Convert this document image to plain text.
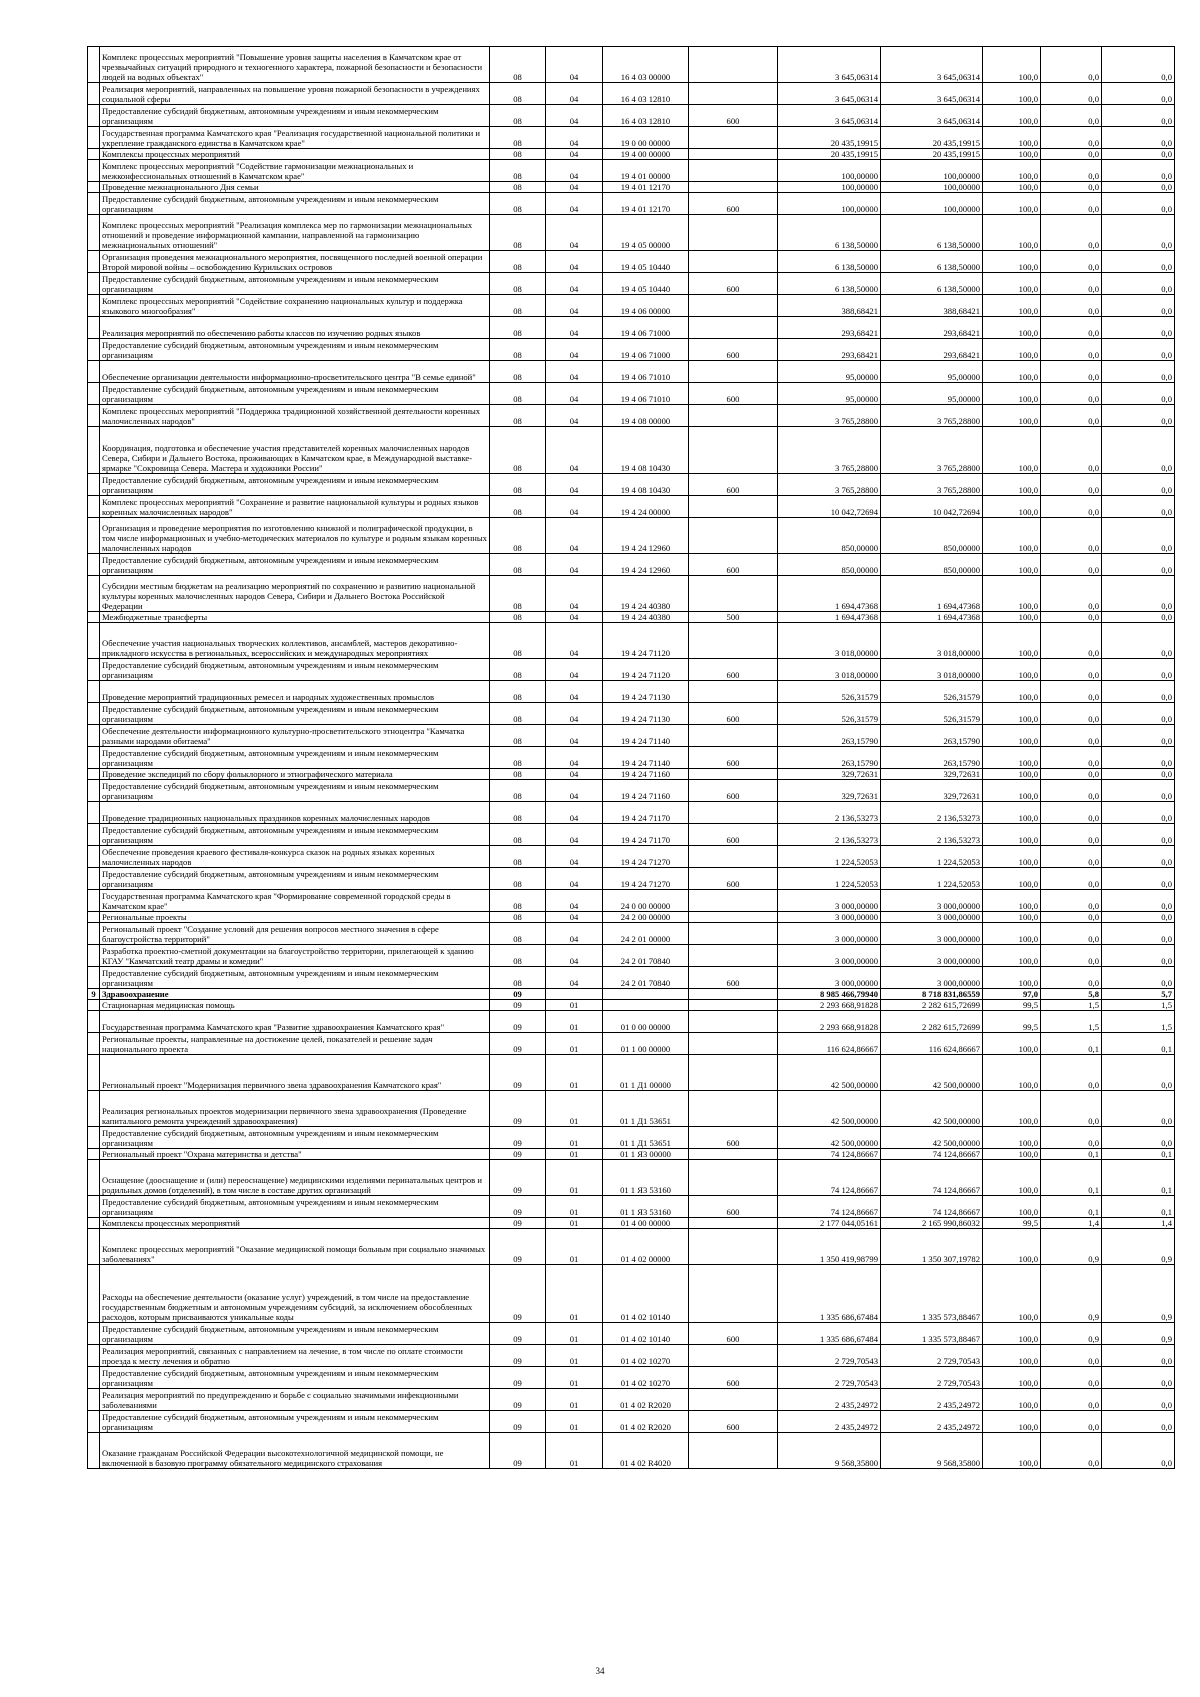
	Комплекс процессных мероприятий "Повышение уровня защиты населения в Камчатском крае от чрезвычайных ситуаций природного и техногенного характера, пожарной безопасности и безопасности людей на водных объектах"	08	04	16 4 03 00000		3 645,06314	3 645,06314	100,0	0,0	0,0
	Реализация мероприятий, направленных на повышение уровня пожарной безопасности в учреждениях социальной сферы	08	04	16 4 03 12810		3 645,06314	3 645,06314	100,0	0,0	0,0
	Предоставление субсидий бюджетным, автономным учреждениям и иным некоммерческим организациям	08	04	16 4 03 12810	600	3 645,06314	3 645,06314	100,0	0,0	0,0
	Государственная программа Камчатского края "Реализация государственной национальной политики и укрепление гражданского единства в Камчатском крае"	08	04	19 0 00 00000		20 435,19915	20 435,19915	100,0	0,0	0,0
	Комплексы процессных мероприятий	08	04	19 4 00 00000		20 435,19915	20 435,19915	100,0	0,0	0,0
	Комплекс процессных мероприятий "Содействие гармонизации межнациональных и межконфессиональных отношений в Камчатском крае"	08	04	19 4 01 00000		100,00000	100,00000	100,0	0,0	0,0
	Проведение межнационального Дня семьи	08	04	19 4 01 12170		100,00000	100,00000	100,0	0,0	0,0
	Предоставление субсидий бюджетным, автономным учреждениям и иным некоммерческим организациям	08	04	19 4 01 12170	600	100,00000	100,00000	100,0	0,0	0,0
	Комплекс процессных мероприятий "Реализация комплекса мер по гармонизации межнациональных отношений и проведение информационной кампании, направленной на гармонизацию межнациональных отношений"	08	04	19 4 05 00000		6 138,50000	6 138,50000	100,0	0,0	0,0
	Организация проведения межнационального мероприятия, посвященного последней военной операции Второй мировой войны – освобождению Курильских островов	08	04	19 4 05 10440		6 138,50000	6 138,50000	100,0	0,0	0,0
	Предоставление субсидий бюджетным, автономным учреждениям и иным некоммерческим организациям	08	04	19 4 05 10440	600	6 138,50000	6 138,50000	100,0	0,0	0,0
	Комплекс процессных мероприятий "Содействие сохранению национальных культур и поддержка языкового многообразия"	08	04	19 4 06 00000		388,68421	388,68421	100,0	0,0	0,0
	Реализация мероприятий по обеспечению работы классов по изучению родных языков	08	04	19 4 06 71000		293,68421	293,68421	100,0	0,0	0,0
	Предоставление субсидий бюджетным, автономным учреждениям и иным некоммерческим организациям	08	04	19 4 06 71000	600	293,68421	293,68421	100,0	0,0	0,0
	Обеспечение организации деятельности информационно-просветительского центра "В семье единой"	08	04	19 4 06 71010		95,00000	95,00000	100,0	0,0	0,0
	Предоставление субсидий бюджетным, автономным учреждениям и иным некоммерческим организациям	08	04	19 4 06 71010	600	95,00000	95,00000	100,0	0,0	0,0
	Комплекс процессных мероприятий "Поддержка традиционной хозяйственной деятельности коренных малочисленных народов"	08	04	19 4 08 00000		3 765,28800	3 765,28800	100,0	0,0	0,0
	Координация, подготовка и обеспечение участия представителей коренных малочисленных народов Севера, Сибири и Дальнего Востока, проживающих в Камчатском крае, в Международной выставке-ярмарке "Сокровища Севера. Мастера и художники России"	08	04	19 4 08 10430		3 765,28800	3 765,28800	100,0	0,0	0,0
	Предоставление субсидий бюджетным, автономным учреждениям и иным некоммерческим организациям	08	04	19 4 08 10430	600	3 765,28800	3 765,28800	100,0	0,0	0,0
	Комплекс процессных мероприятий "Сохранение и развитие национальной культуры и родных языков коренных малочисленных народов"	08	04	19 4 24 00000		10 042,72694	10 042,72694	100,0	0,0	0,0
	Организация и проведение мероприятия по изготовлению книжной и полиграфической продукции, в том числе информационных и учебно-методических материалов по культуре и родным языкам коренных малочисленных народов	08	04	19 4 24 12960		850,00000	850,00000	100,0	0,0	0,0
	Предоставление субсидий бюджетным, автономным учреждениям и иным некоммерческим организациям	08	04	19 4 24 12960	600	850,00000	850,00000	100,0	0,0	0,0
	Субсидии местным бюджетам на реализацию мероприятий по сохранению и развитию национальной культуры коренных малочисленных народов Севера, Сибири и Дальнего Востока Российской Федерации	08	04	19 4 24 40380		1 694,47368	1 694,47368	100,0	0,0	0,0
	Межбюджетные трансферты	08	04	19 4 24 40380	500	1 694,47368	1 694,47368	100,0	0,0	0,0
	Обеспечение участия национальных творческих коллективов, ансамблей, мастеров декоративно-прикладного искусства в региональных, всероссийских и международных мероприятиях	08	04	19 4 24 71120		3 018,00000	3 018,00000	100,0	0,0	0,0
	Предоставление субсидий бюджетным, автономным учреждениям и иным некоммерческим организациям	08	04	19 4 24 71120	600	3 018,00000	3 018,00000	100,0	0,0	0,0
	Проведение мероприятий традиционных ремесел и народных художественных промыслов	08	04	19 4 24 71130		526,31579	526,31579	100,0	0,0	0,0
	Предоставление субсидий бюджетным, автономным учреждениям и иным некоммерческим организациям	08	04	19 4 24 71130	600	526,31579	526,31579	100,0	0,0	0,0
	Обеспечение деятельности информационного культурно-просветительского этноцентра "Камчатка разными народами обитаема"	08	04	19 4 24 71140		263,15790	263,15790	100,0	0,0	0,0
	Предоставление субсидий бюджетным, автономным учреждениям и иным некоммерческим организациям	08	04	19 4 24 71140	600	263,15790	263,15790	100,0	0,0	0,0
	Проведение экспедиций по сбору фольклорного и этнографического материала	08	04	19 4 24 71160		329,72631	329,72631	100,0	0,0	0,0
	Предоставление субсидий бюджетным, автономным учреждениям и иным некоммерческим организациям	08	04	19 4 24 71160	600	329,72631	329,72631	100,0	0,0	0,0
	Проведение традиционных национальных праздников коренных малочисленных народов	08	04	19 4 24 71170		2 136,53273	2 136,53273	100,0	0,0	0,0
	Предоставление субсидий бюджетным, автономным учреждениям и иным некоммерческим организациям	08	04	19 4 24 71170	600	2 136,53273	2 136,53273	100,0	0,0	0,0
	Обеспечение проведения краевого фестиваля-конкурса сказок на родных языках коренных малочисленных народов	08	04	19 4 24 71270		1 224,52053	1 224,52053	100,0	0,0	0,0
	Предоставление субсидий бюджетным, автономным учреждениям и иным некоммерческим организациям	08	04	19 4 24 71270	600	1 224,52053	1 224,52053	100,0	0,0	0,0
	Государственная программа Камчатского края "Формирование современной городской среды в Камчатском крае"	08	04	24 0 00 00000		3 000,00000	3 000,00000	100,0	0,0	0,0
	Региональные проекты	08	04	24 2 00 00000		3 000,00000	3 000,00000	100,0	0,0	0,0
	Региональный проект "Создание условий для решения вопросов местного значения в сфере благоустройства территорий"	08	04	24 2 01 00000		3 000,00000	3 000,00000	100,0	0,0	0,0
	Разработка проектно-сметной документации на благоустройство территории, прилегающей к зданию КГАУ "Камчатский театр драмы и комедии"	08	04	24 2 01 70840		3 000,00000	3 000,00000	100,0	0,0	0,0
	Предоставление субсидий бюджетным, автономным учреждениям и иным некоммерческим организациям	08	04	24 2 01 70840	600	3 000,00000	3 000,00000	100,0	0,0	0,0
9	Здравоохранение	09				8 985 466,79940	8 718 831,86559	97,0	5,8	5,7
	Стационарная медицинская помощь	09	01			2 293 668,91828	2 282 615,72699	99,5	1,5	1,5
	Государственная программа Камчатского края "Развитие здравоохранения Камчатского края"	09	01	01 0 00 00000		2 293 668,91828	2 282 615,72699	99,5	1,5	1,5
	Региональные проекты, направленные на достижение целей, показателей и решение задач национального проекта	09	01	01 1 00 00000		116 624,86667	116 624,86667	100,0	0,1	0,1
	Региональный проект "Модернизация первичного звена здравоохранения Камчатского края"	09	01	01 1 Д1 00000		42 500,00000	42 500,00000	100,0	0,0	0,0
	Реализация региональных проектов модернизации первичного звена здравоохранения (Проведение капитального ремонта учреждений здравоохранения)	09	01	01 1 Д1 53651		42 500,00000	42 500,00000	100,0	0,0	0,0
	Предоставление субсидий бюджетным, автономным учреждениям и иным некоммерческим организациям	09	01	01 1 Д1 53651	600	42 500,00000	42 500,00000	100,0	0,0	0,0
	Региональный проект "Охрана материнства и детства"	09	01	01 1 Я3 00000		74 124,86667	74 124,86667	100,0	0,1	0,1
	Оснащение (дооснащение и (или) переоснащение) медицинскими изделиями перинатальных центров и родильных домов (отделений), в том числе в составе других организаций	09	01	01 1 Я3 53160		74 124,86667	74 124,86667	100,0	0,1	0,1
	Предоставление субсидий бюджетным, автономным учреждениям и иным некоммерческим организациям	09	01	01 1 Я3 53160	600	74 124,86667	74 124,86667	100,0	0,1	0,1
	Комплексы процессных мероприятий	09	01	01 4 00 00000		2 177 044,05161	2 165 990,86032	99,5	1,4	1,4
	Комплекс процессных мероприятий "Оказание медицинской помощи больным при социально значимых заболеваниях"	09	01	01 4 02 00000		1 350 419,98799	1 350 307,19782	100,0	0,9	0,9
	Расходы на обеспечение деятельности (оказание услуг) учреждений, в том числе на предоставление государственным бюджетным и автономным учреждениям субсидий, за исключением обособленных расходов, которым присваиваются уникальные коды	09	01	01 4 02 10140		1 335 686,67484	1 335 573,88467	100,0	0,9	0,9
	Предоставление субсидий бюджетным, автономным учреждениям и иным некоммерческим организациям	09	01	01 4 02 10140	600	1 335 686,67484	1 335 573,88467	100,0	0,9	0,9
	Реализация мероприятий, связанных с направлением на лечение, в том числе по оплате стоимости проезда к месту лечения и обратно	09	01	01 4 02 10270		2 729,70543	2 729,70543	100,0	0,0	0,0
	Предоставление субсидий бюджетным, автономным учреждениям и иным некоммерческим организациям	09	01	01 4 02 10270	600	2 729,70543	2 729,70543	100,0	0,0	0,0
	Реализация мероприятий по предупреждению и борьбе с социально значимыми инфекционными заболеваниями	09	01	01 4 02 R2020		2 435,24972	2 435,24972	100,0	0,0	0,0
	Предоставление субсидий бюджетным, автономным учреждениям и иным некоммерческим организациям	09	01	01 4 02 R2020	600	2 435,24972	2 435,24972	100,0	0,0	0,0
	Оказание гражданам Российской Федерации высокотехнологичной медицинской помощи, не включенной в базовую программу обязательного медицинского страхования	09	01	01 4 02 R4020		9 568,35800	9 568,35800	100,0	0,0	0,0
34
